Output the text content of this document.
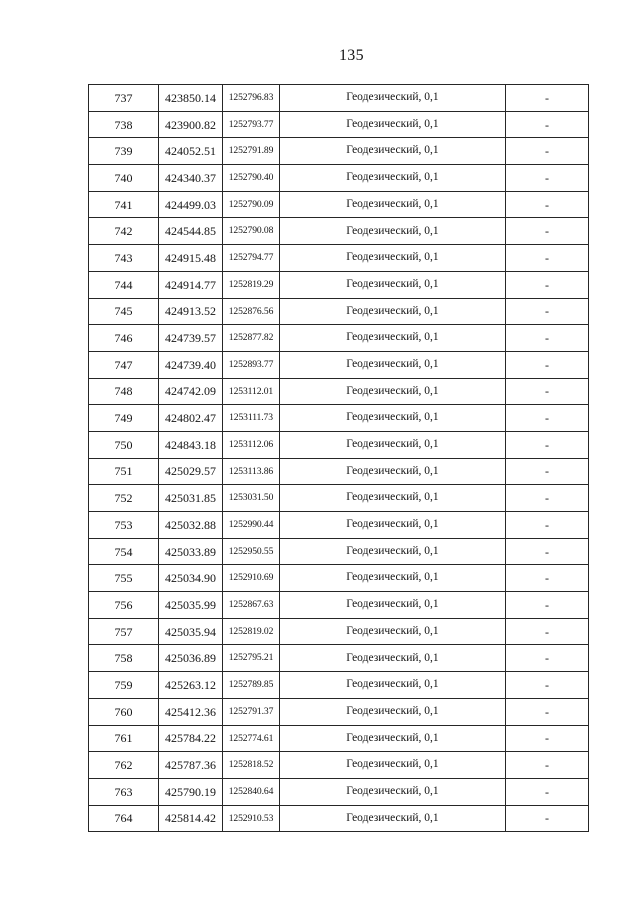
135
737	423850.14	1252796.83	Геодезический, 0,1	-
738	423900.82	1252793.77	Геодезический, 0,1	-
739	424052.51	1252791.89	Геодезический, 0,1	-
740	424340.37	1252790.40	Геодезический, 0,1	-
741	424499.03	1252790.09	Геодезический, 0,1	-
742	424544.85	1252790.08	Геодезический, 0,1	-
743	424915.48	1252794.77	Геодезический, 0,1	-
744	424914.77	1252819.29	Геодезический, 0,1	-
745	424913.52	1252876.56	Геодезический, 0,1	-
746	424739.57	1252877.82	Геодезический, 0,1	-
747	424739.40	1252893.77	Геодезический, 0,1	-
748	424742.09	1253112.01	Геодезический, 0,1	-
749	424802.47	1253111.73	Геодезический, 0,1	-
750	424843.18	1253112.06	Геодезический, 0,1	-
751	425029.57	1253113.86	Геодезический, 0,1	-
752	425031.85	1253031.50	Геодезический, 0,1	-
753	425032.88	1252990.44	Геодезический, 0,1	-
754	425033.89	1252950.55	Геодезический, 0,1	-
755	425034.90	1252910.69	Геодезический, 0,1	-
756	425035.99	1252867.63	Геодезический, 0,1	-
757	425035.94	1252819.02	Геодезический, 0,1	-
758	425036.89	1252795.21	Геодезический, 0,1	-
759	425263.12	1252789.85	Геодезический, 0,1	-
760	425412.36	1252791.37	Геодезический, 0,1	-
761	425784.22	1252774.61	Геодезический, 0,1	-
762	425787.36	1252818.52	Геодезический, 0,1	-
763	425790.19	1252840.64	Геодезический, 0,1	-
764	425814.42	1252910.53	Геодезический, 0,1	-
